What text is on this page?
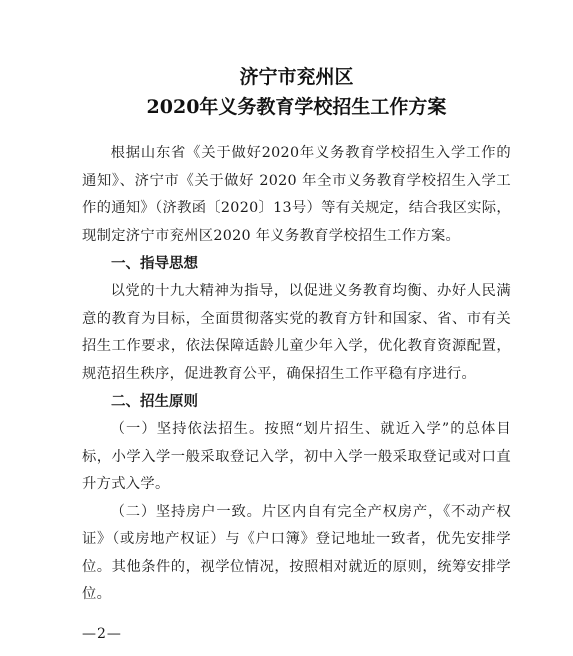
济宁市兖州区
2020年义务教育学校招生工作方案

根据山东省《关于做好2020年义务教育学校招生入学工作的通知》、济宁市《关于做好 2020 年全市义务教育学校招生入学工作的通知》（济教函〔2020〕13号）等有关规定，结合我区实际，现制定济宁市兖州区2020 年义务教育学校招生工作方案。

一、指导思想

以党的十九大精神为指导，以促进义务教育均衡、办好人民满意的教育为目标，全面贯彻落实党的教育方针和国家、省、市有关招生工作要求，依法保障适龄儿童少年入学，优化教育资源配置，规范招生秩序，促进教育公平，确保招生工作平稳有序进行。

二、招生原则

（一）坚持依法招生。按照“划片招生、就近入学”的总体目标，小学入学一般采取登记入学，初中入学一般采取登记或对口直升方式入学。

（二）坚持房户一致。片区内自有完全产权房产，《不动产权证》（或房地产权证）与《户口簿》登记地址一致者，优先安排学位。其他条件的，视学位情况，按照相对就近的原则，统筹安排学位。

—2—
